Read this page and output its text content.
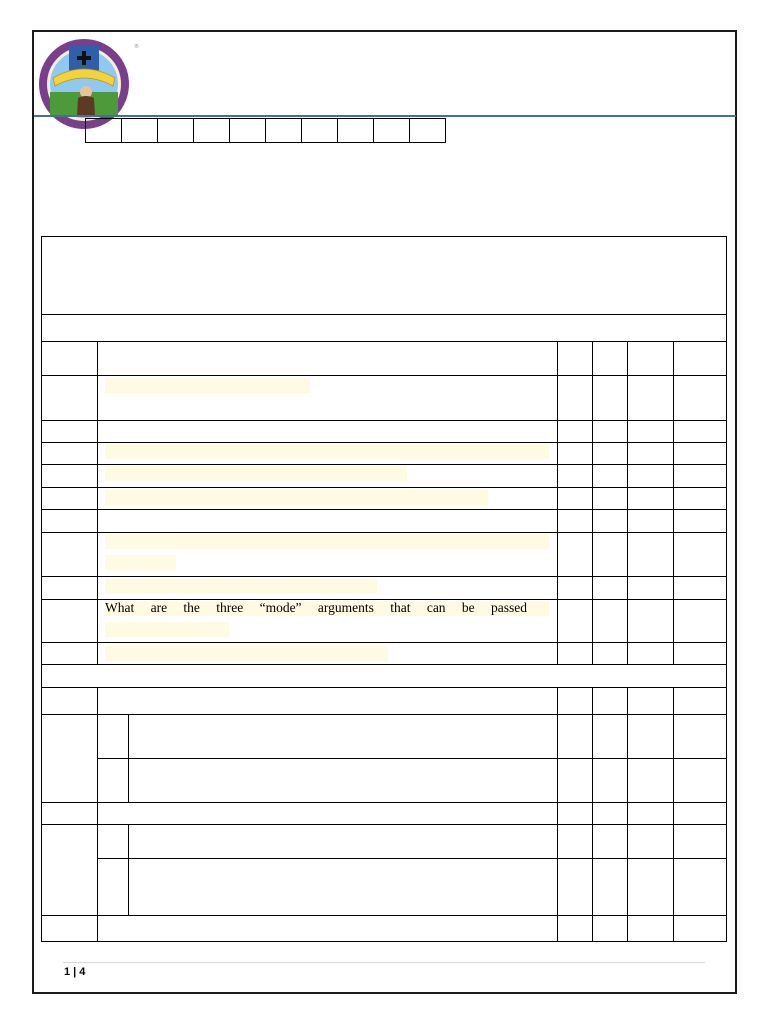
®
What are the three “mode” arguments that can be passed
1 | 4
